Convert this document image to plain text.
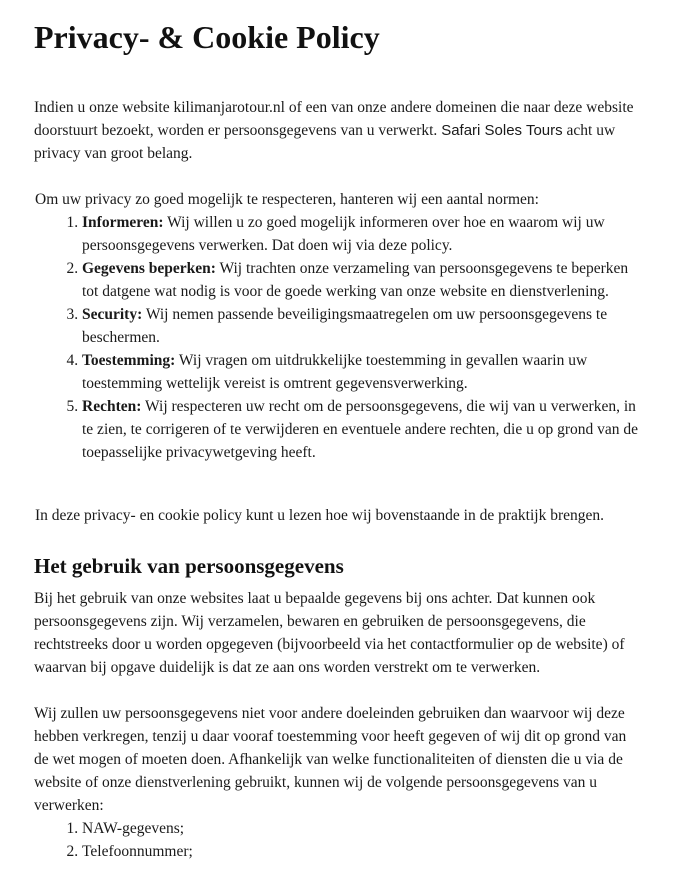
Privacy- & Cookie Policy

Indien u onze website kilimanjarotour.nl of een van onze andere domeinen die naar deze website doorstuurt bezoekt, worden er persoonsgegevens van u verwerkt. Safari Soles Tours acht uw privacy van groot belang.

Om uw privacy zo goed mogelijk te respecteren, hanteren wij een aantal normen:

1. Informeren: Wij willen u zo goed mogelijk informeren over hoe en waarom wij uw persoonsgegevens verwerken. Dat doen wij via deze policy.
2. Gegevens beperken: Wij trachten onze verzameling van persoonsgegevens te beperken tot datgene wat nodig is voor de goede werking van onze website en dienstverlening.
3. Security: Wij nemen passende beveiligingsmaatregelen om uw persoonsgegevens te beschermen.
4. Toestemming: Wij vragen om uitdrukkelijke toestemming in gevallen waarin uw toestemming wettelijk vereist is omtrent gegevensverwerking.
5. Rechten: Wij respecteren uw recht om de persoonsgegevens, die wij van u verwerken, in te zien, te corrigeren of te verwijderen en eventuele andere rechten, die u op grond van de toepasselijke privacywetgeving heeft.

In deze privacy- en cookie policy kunt u lezen hoe wij bovenstaande in de praktijk brengen.

Het gebruik van persoonsgegevens

Bij het gebruik van onze websites laat u bepaalde gegevens bij ons achter. Dat kunnen ook persoonsgegevens zijn. Wij verzamelen, bewaren en gebruiken de persoonsgegevens, die rechtstreeks door u worden opgegeven (bijvoorbeeld via het contactformulier op de website) of waarvan bij opgave duidelijk is dat ze aan ons worden verstrekt om te verwerken.

Wij zullen uw persoonsgegevens niet voor andere doeleinden gebruiken dan waarvoor wij deze hebben verkregen, tenzij u daar vooraf toestemming voor heeft gegeven of wij dit op grond van de wet mogen of moeten doen. Afhankelijk van welke functionaliteiten of diensten die u via de website of onze dienstverlening gebruikt, kunnen wij de volgende persoonsgegevens van u verwerken:

1. NAW-gegevens;
2. Telefoonnummer;
